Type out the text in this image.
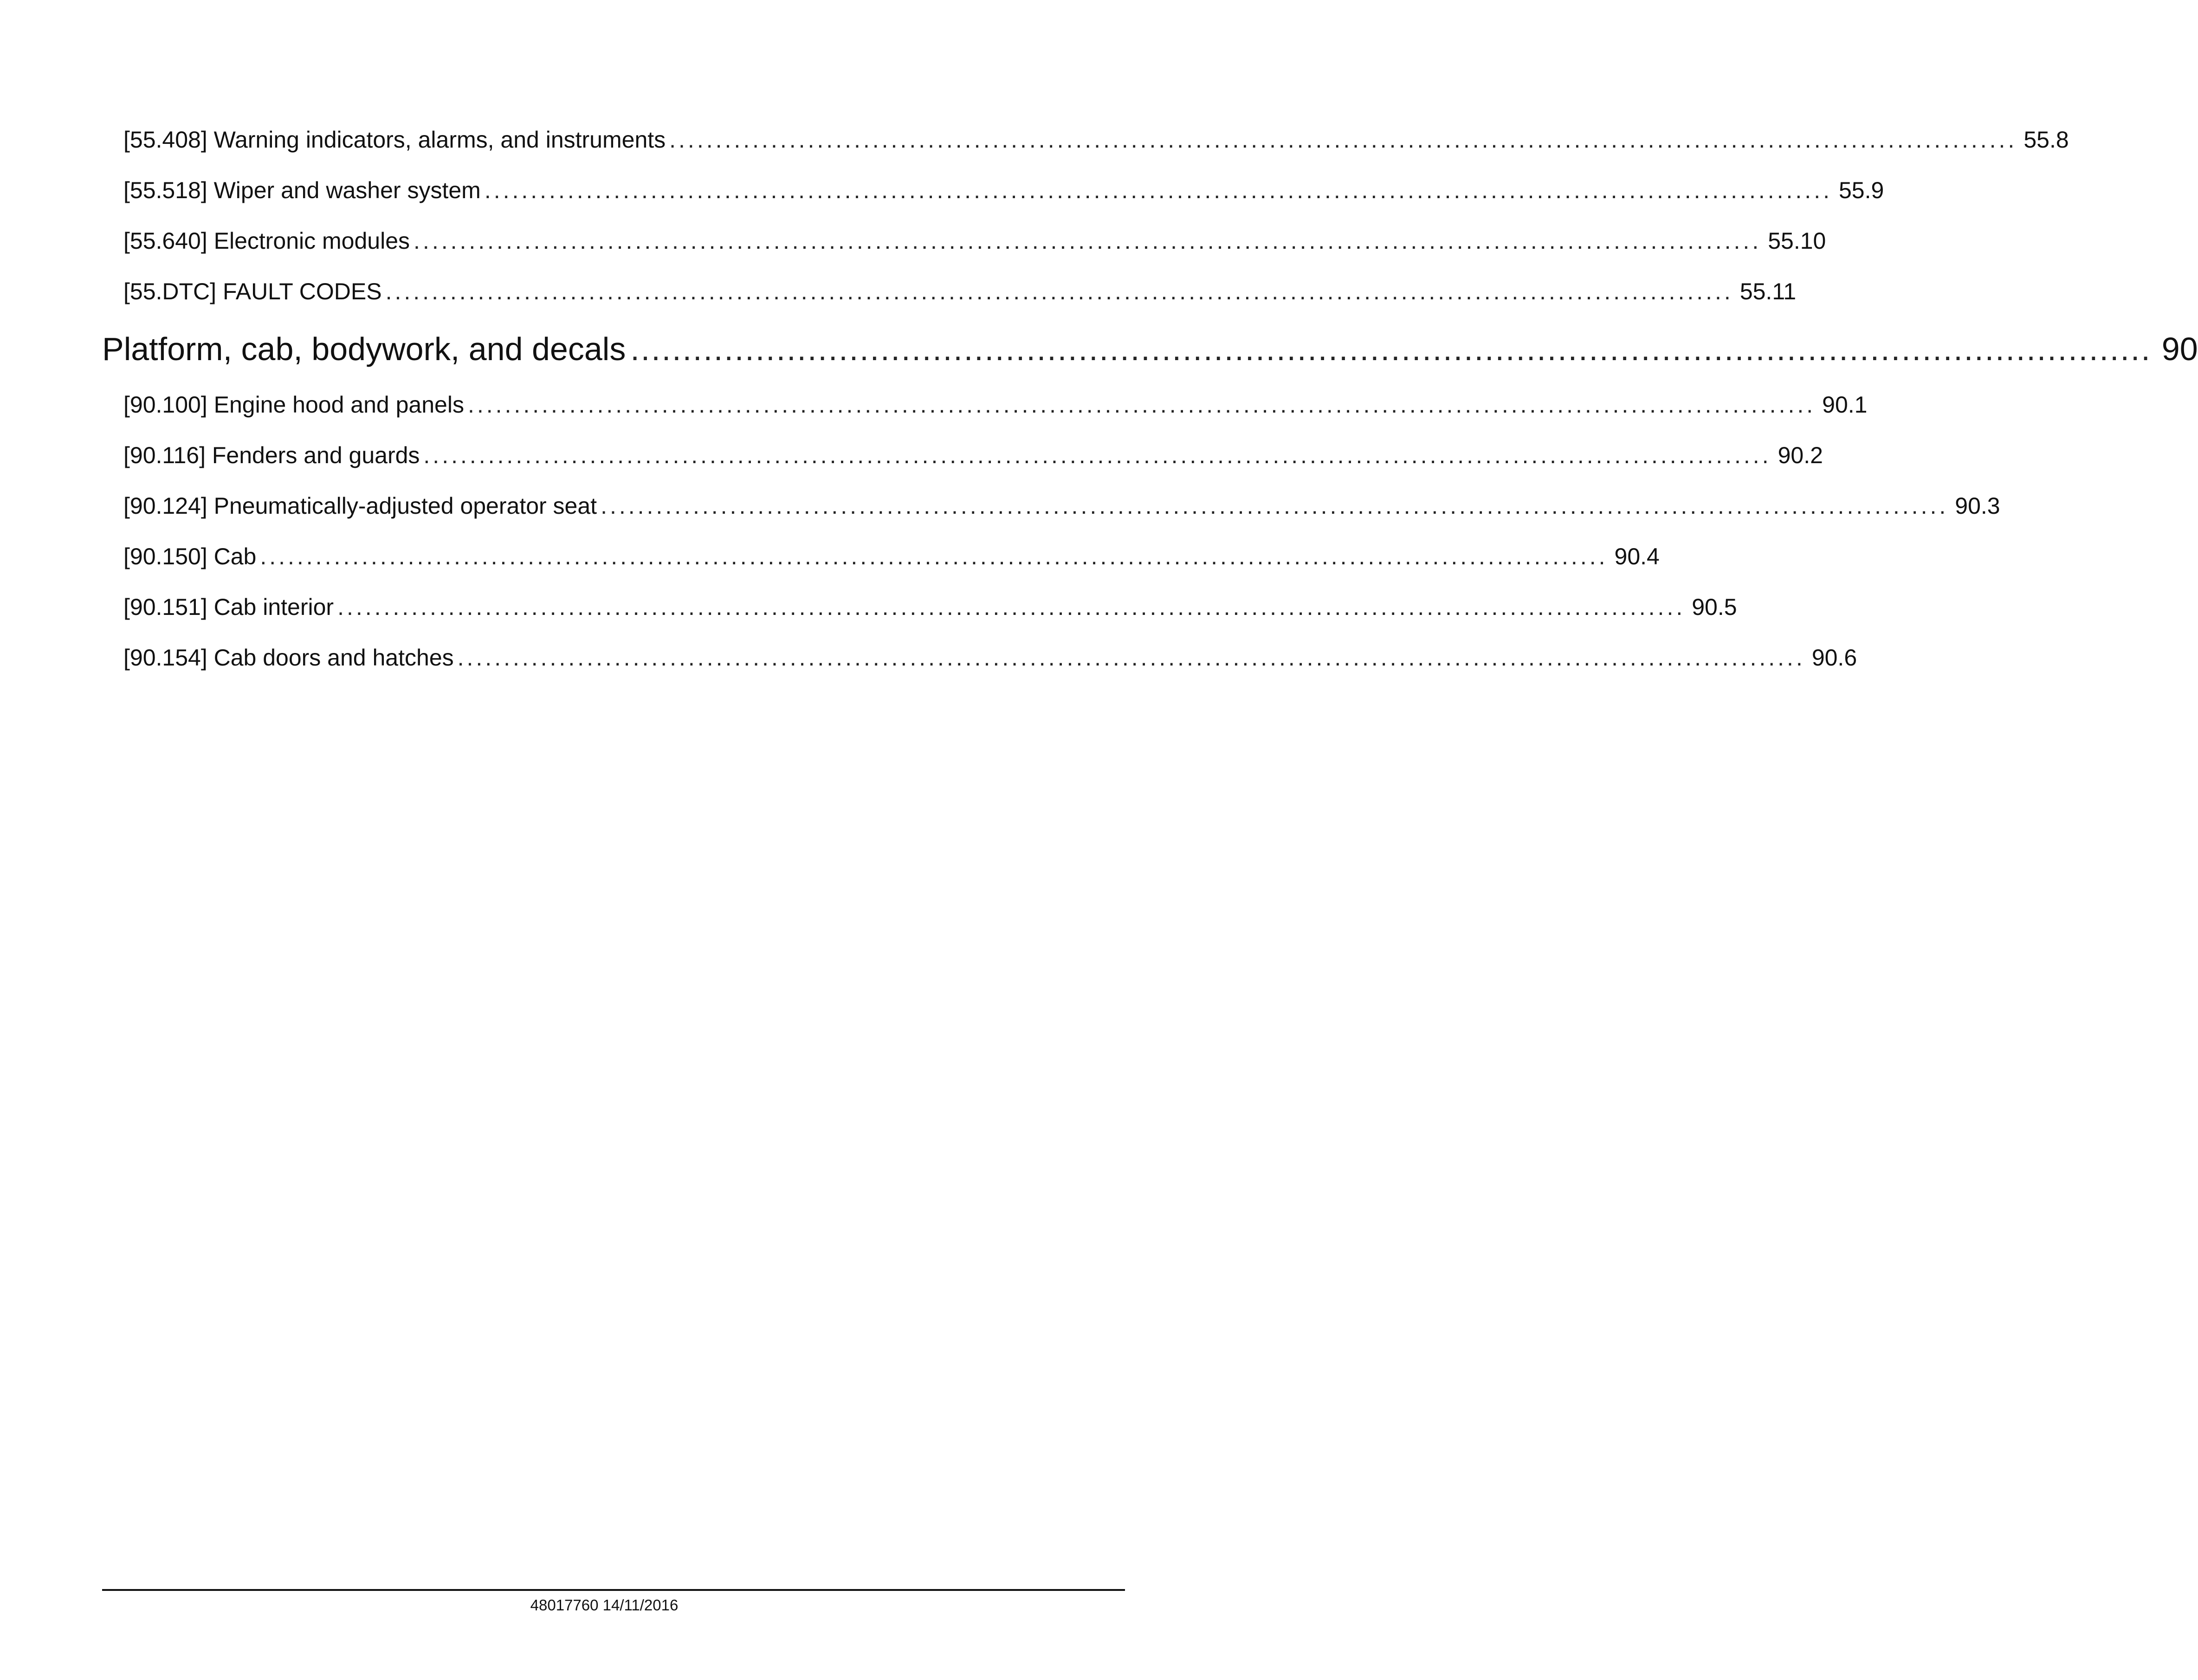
[55.408] Warning indicators, alarms, and instruments .................................................................................................................................................. 55.8
[55.518] Wiper and washer system .................................................................................................................................................. 55.9
[55.640] Electronic modules .................................................................................................................................................. 55.10
[55.DTC] FAULT CODES .................................................................................................................................................. 55.11
Platform, cab, bodywork, and decals .................................................................................................................................................. 90
[90.100] Engine hood and panels .................................................................................................................................................. 90.1
[90.116] Fenders and guards .................................................................................................................................................. 90.2
[90.124] Pneumatically-adjusted operator seat .................................................................................................................................................. 90.3
[90.150] Cab .................................................................................................................................................. 90.4
[90.151] Cab interior .................................................................................................................................................. 90.5
[90.154] Cab doors and hatches .................................................................................................................................................. 90.6
48017760 14/11/2016
